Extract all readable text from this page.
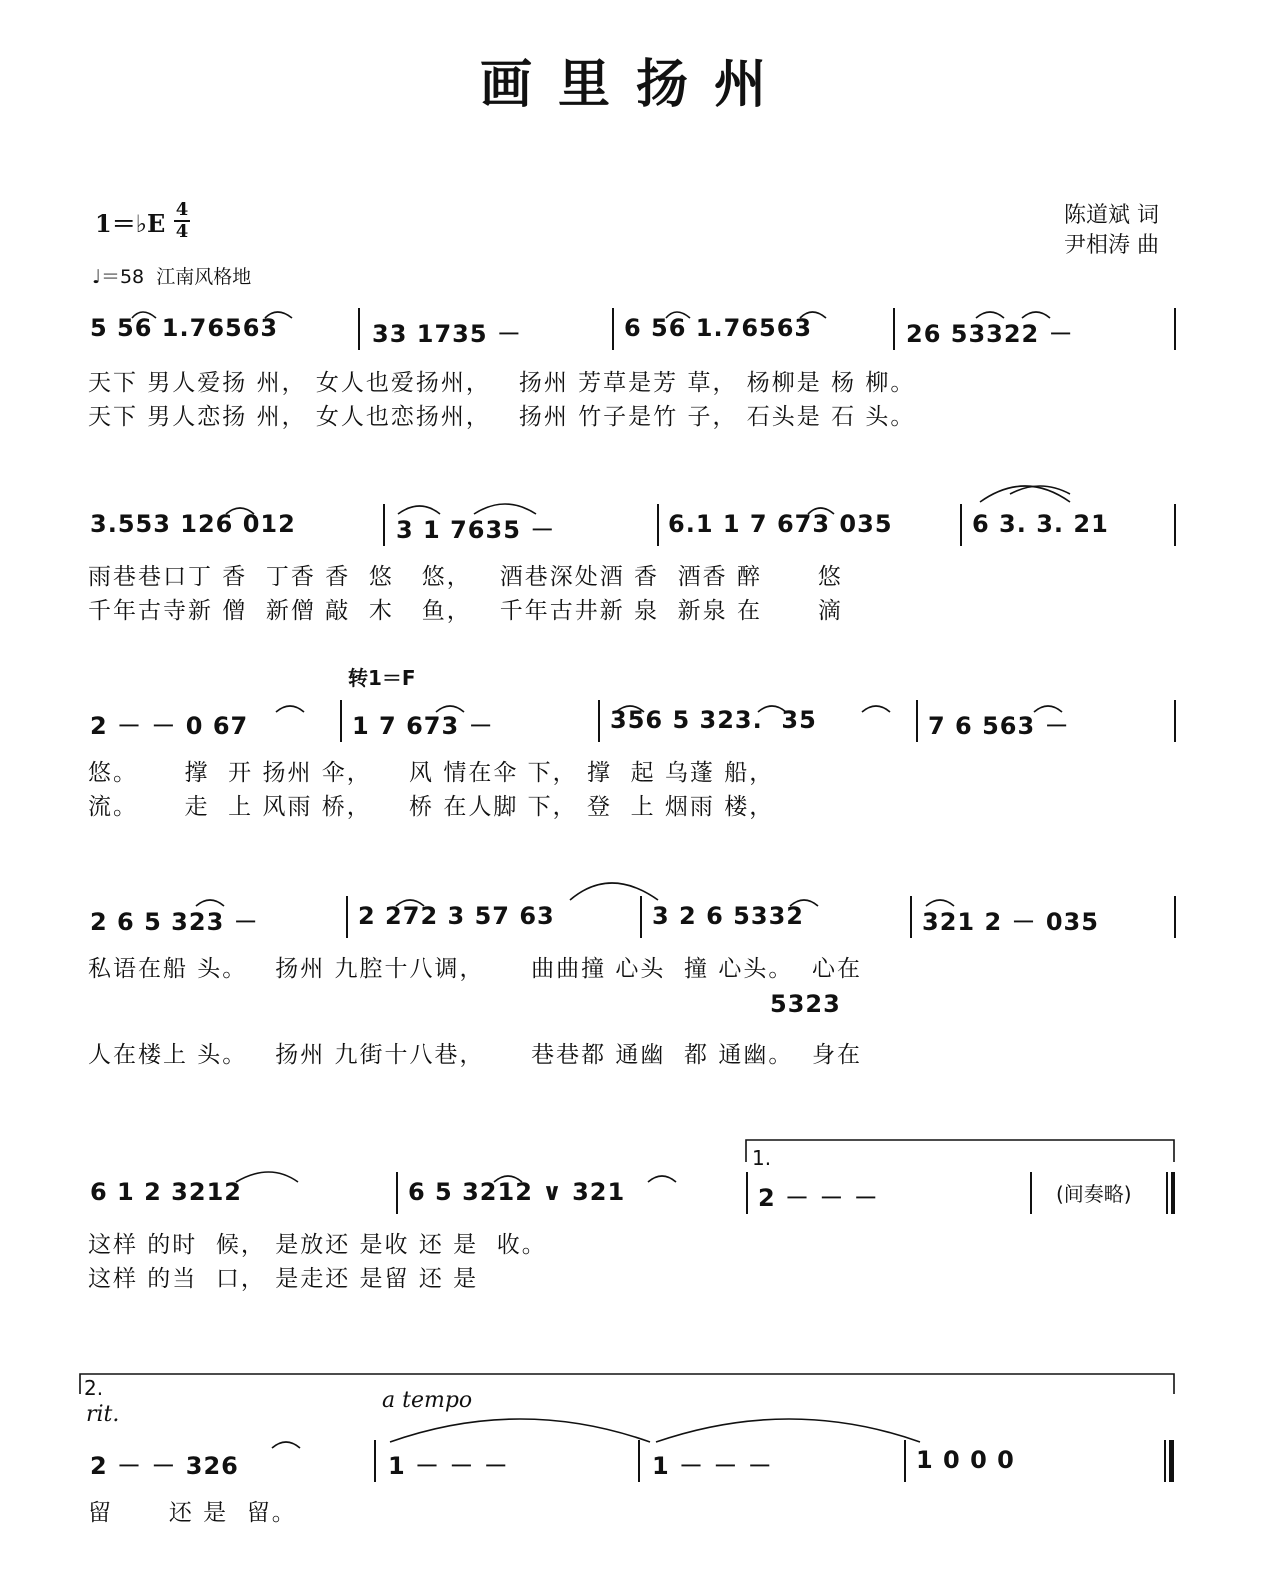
画里扬州
1＝♭E $\frac{4}{4}$
♩＝58  江南风格地
陈道斌 词
尹相涛 曲
5 56 1.76563	33 1735 －	6 56 1.76563	26 53322 －
天下 男人爱扬 州， 女人也爱扬州，   扬州 芳草是芳 草， 杨柳是 杨 柳。
天下 男人恋扬 州， 女人也恋扬州，   扬州 竹子是竹 子， 石头是 石 头。
3.553 126 012	3 1 7635 －	6.1 1 7 673 035	6 3. 3. 21
雨巷巷口丁 香  丁香 香  悠   悠，   酒巷深处酒 香  酒香 醉      悠
千年古寺新 僧  新僧 敲  木   鱼，   千年古井新 泉  新泉 在      滴
转1＝F
2 － － 0 67	1 7 673 －	356 5 323.  35	7 6 563 －
悠。     撑  开 扬州 伞，    风 情在伞 下， 撑  起 乌蓬 船，
流。     走  上 风雨 桥，    桥 在人脚 下， 登  上 烟雨 楼，
2 6 5 323 －	2 272 3 57 63	3 2 6 5332	321 2 － 035
私语在船 头。   扬州 九腔十八调，     曲曲撞 心头  撞 心头。  心在
5323
人在楼上 头。   扬州 九街十八巷，     巷巷都 通幽  都 通幽。  身在
1.
6 1 2 3212	6 5 3212 ∨ 321	2 － － －	(间奏略)
这样 的时  候， 是放还 是收 还 是  收。
这样 的当  口， 是走还 是留 还 是
2.
rit.
a tempo
2 － － 326	1 － － －	1 － － －	1 0 0 0
留      还 是  留。
